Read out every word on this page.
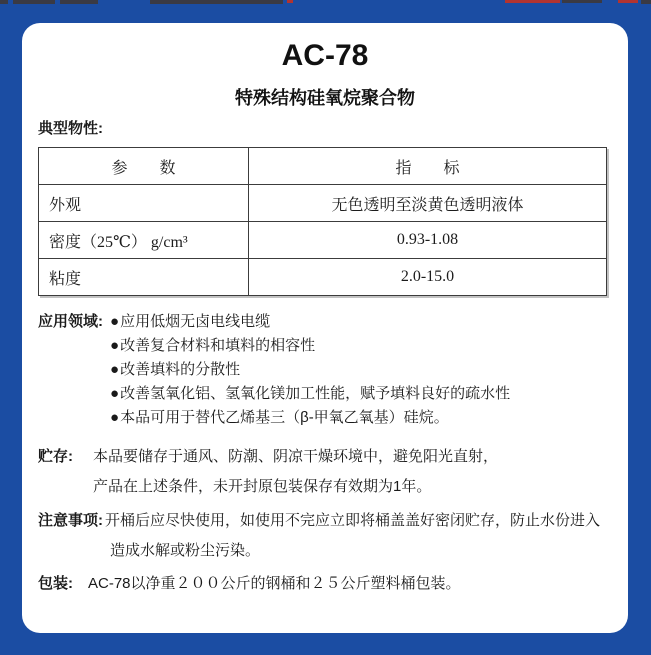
AC-78
特殊结构硅氧烷聚合物
典型物性:
参　　数	指　　标
外观	无色透明至淡黄色透明液体
密度（25℃） g/cm³	0.93-1.08
粘度	2.0-15.0
应用领域: ●应用低烟无卤电线电缆
●改善复合材料和填料的相容性
●改善填料的分散性
●改善氢氧化铝、氢氧化镁加工性能，赋予填料良好的疏水性
●本品可用于替代乙烯基三（β-甲氧乙氧基）硅烷。
贮存:	本品要储存于通风、防潮、阴凉干燥环境中，避免阳光直射，
产品在上述条件，未开封原包装保存有效期为1年。
注意事项: 开桶后应尽快使用，如使用不完应立即将桶盖盖好密闭贮存，防止水份进入
造成水解或粉尘污染。
包装:	AC-78以净重２００公斤的钢桶和２５公斤塑料桶包装。
